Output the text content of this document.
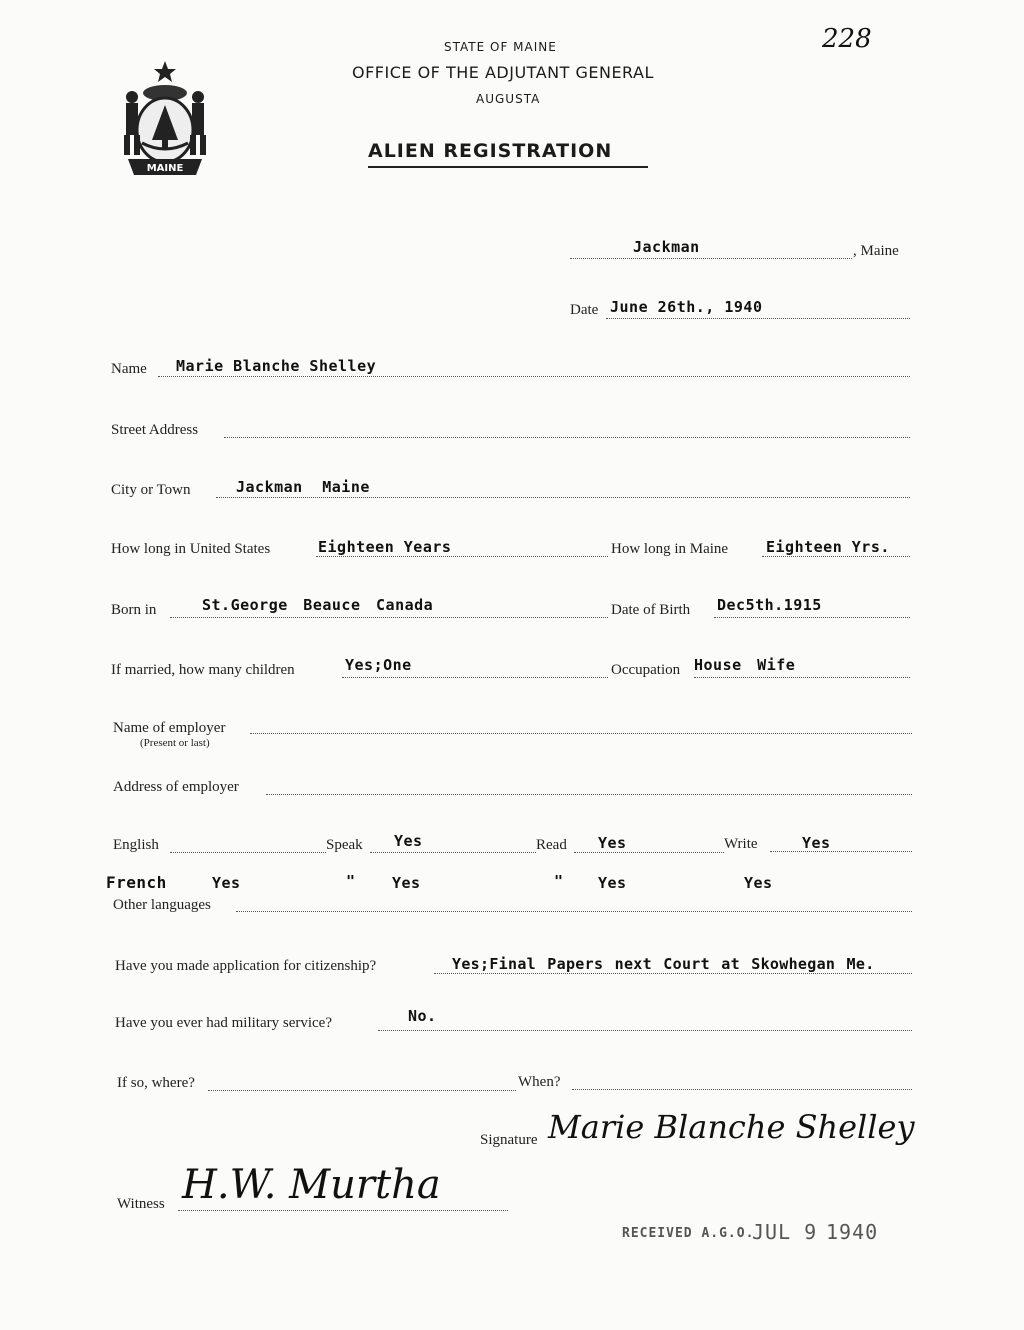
228
MAINE
STATE OF MAINE
OFFICE OF THE ADJUTANT GENERAL
AUGUSTA
ALIEN REGISTRATION
Jackman	, Maine
Date June 26th., 1940
Name Marie Blanche Shelley
Street Address
City or Town	Jackman Maine
How long in United States	Eighteen Years	How long in Maine	Eighteen Yrs.
Born in	St.George Beauce Canada	Date of Birth Dec5th.1915
If married, how many children	Yes;One	Occupation House Wife
Name of employer
(Present or last)
Address of employer
English	Speak Yes	Read Yes	Write	Yes
French	Yes	" Yes	" Yes	Yes
Other languages
Have you made application for citizenship?	Yes;Final Papers next Court at Skowhegan Me.
Have you ever had military service?	No.
If so, where?	When?
Signature Marie Blanche Shelley
Witness H.W. Murtha
RECEIVED A.G.O.
JUL 9 1940
